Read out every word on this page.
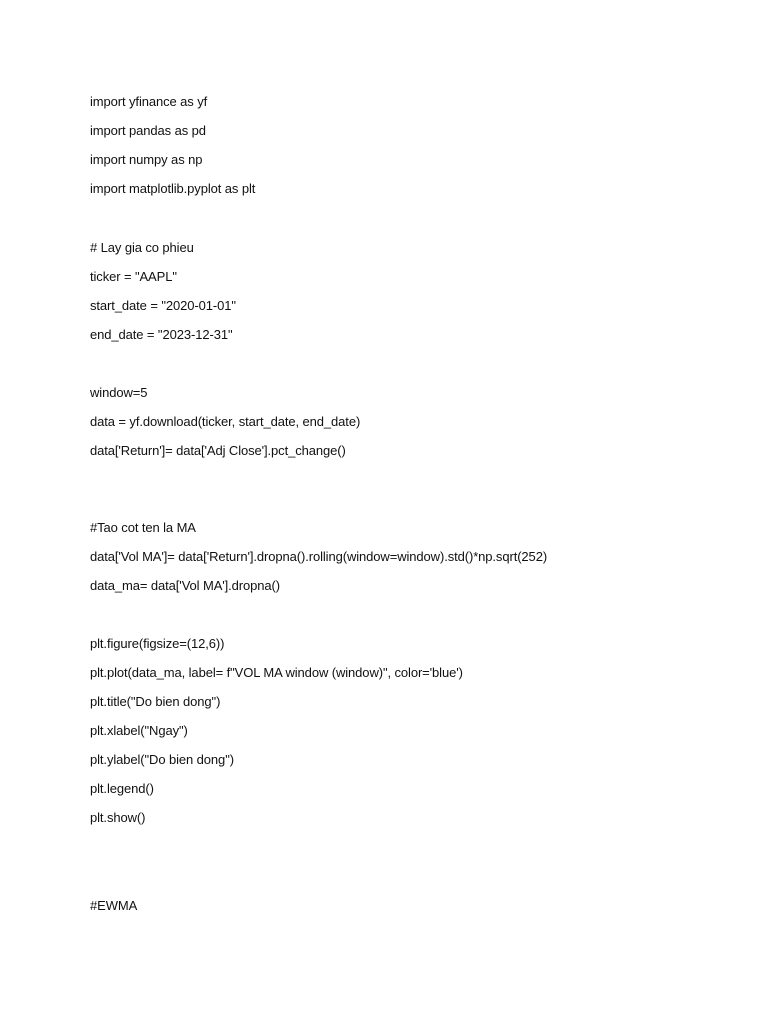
import yfinance as yf
import pandas as pd
import numpy as np
import matplotlib.pyplot as plt
# Lay gia co phieu
ticker = "AAPL"
start_date = "2020-01-01"
end_date = "2023-12-31"
window=5
data = yf.download(ticker, start_date, end_date)
data['Return']= data['Adj Close'].pct_change()
#Tao cot ten la MA
data['Vol MA']= data['Return'].dropna().rolling(window=window).std()*np.sqrt(252)
data_ma= data['Vol MA'].dropna()
plt.figure(figsize=(12,6))
plt.plot(data_ma, label= f"VOL MA window (window)", color='blue')
plt.title("Do bien dong")
plt.xlabel("Ngay")
plt.ylabel("Do bien dong")
plt.legend()
plt.show()
#EWMA
